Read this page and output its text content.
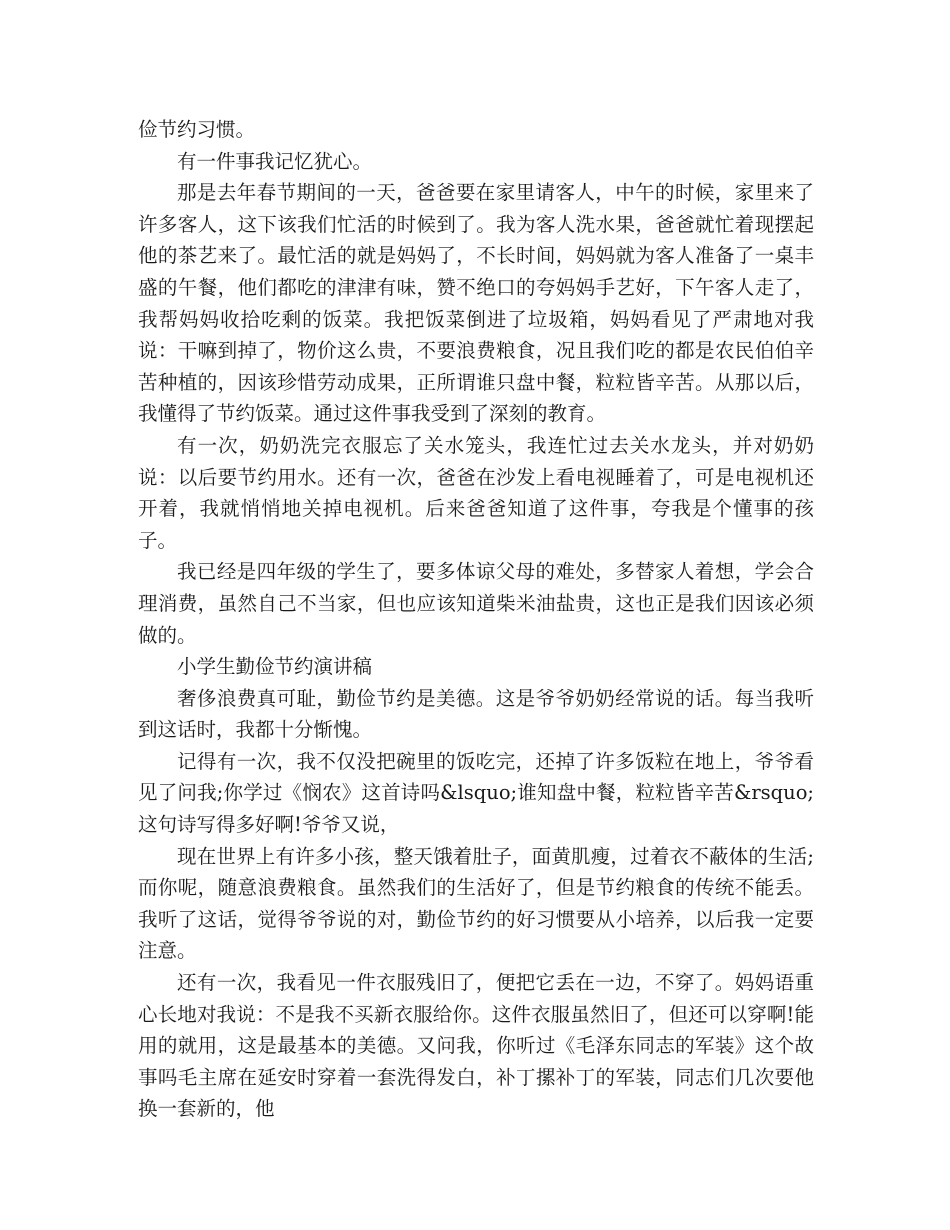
俭节约习惯。

有一件事我记忆犹心。

那是去年春节期间的一天，爸爸要在家里请客人，中午的时候，家里来了许多客人，这下该我们忙活的时候到了。我为客人洗水果，爸爸就忙着现摆起他的茶艺来了。最忙活的就是妈妈了，不长时间，妈妈就为客人准备了一桌丰盛的午餐，他们都吃的津津有味，赞不绝口的夸妈妈手艺好，下午客人走了，我帮妈妈收拾吃剩的饭菜。我把饭菜倒进了垃圾箱，妈妈看见了严肃地对我说：干嘛到掉了，物价这么贵，不要浪费粮食，况且我们吃的都是农民伯伯辛苦种植的，因该珍惜劳动成果，正所谓谁只盘中餐，粒粒皆辛苦。从那以后，我懂得了节约饭菜。通过这件事我受到了深刻的教育。

有一次，奶奶洗完衣服忘了关水笼头，我连忙过去关水龙头，并对奶奶说：以后要节约用水。还有一次，爸爸在沙发上看电视睡着了，可是电视机还开着，我就悄悄地关掉电视机。后来爸爸知道了这件事，夸我是个懂事的孩子。

我已经是四年级的学生了，要多体谅父母的难处，多替家人着想，学会合理消费，虽然自己不当家，但也应该知道柴米油盐贵，这也正是我们因该必须做的。

小学生勤俭节约演讲稿

奢侈浪费真可耻，勤俭节约是美德。这是爷爷奶奶经常说的话。每当我听到这话时，我都十分惭愧。

记得有一次，我不仅没把碗里的饭吃完，还掉了许多饭粒在地上，爷爷看见了问我;你学过《悯农》这首诗吗&lsquo;谁知盘中餐，粒粒皆辛苦&rsquo;这句诗写得多好啊!爷爷又说，

现在世界上有许多小孩，整天饿着肚子，面黄肌瘦，过着衣不蔽体的生活;而你呢，随意浪费粮食。虽然我们的生活好了，但是节约粮食的传统不能丢。我听了这话，觉得爷爷说的对，勤俭节约的好习惯要从小培养，以后我一定要注意。

还有一次，我看见一件衣服残旧了，便把它丢在一边，不穿了。妈妈语重心长地对我说：不是我不买新衣服给你。这件衣服虽然旧了，但还可以穿啊!能用的就用，这是最基本的美德。又问我，你听过《毛泽东同志的军装》这个故事吗毛主席在延安时穿着一套洗得发白，补丁摞补丁的军装，同志们几次要他换一套新的，他
